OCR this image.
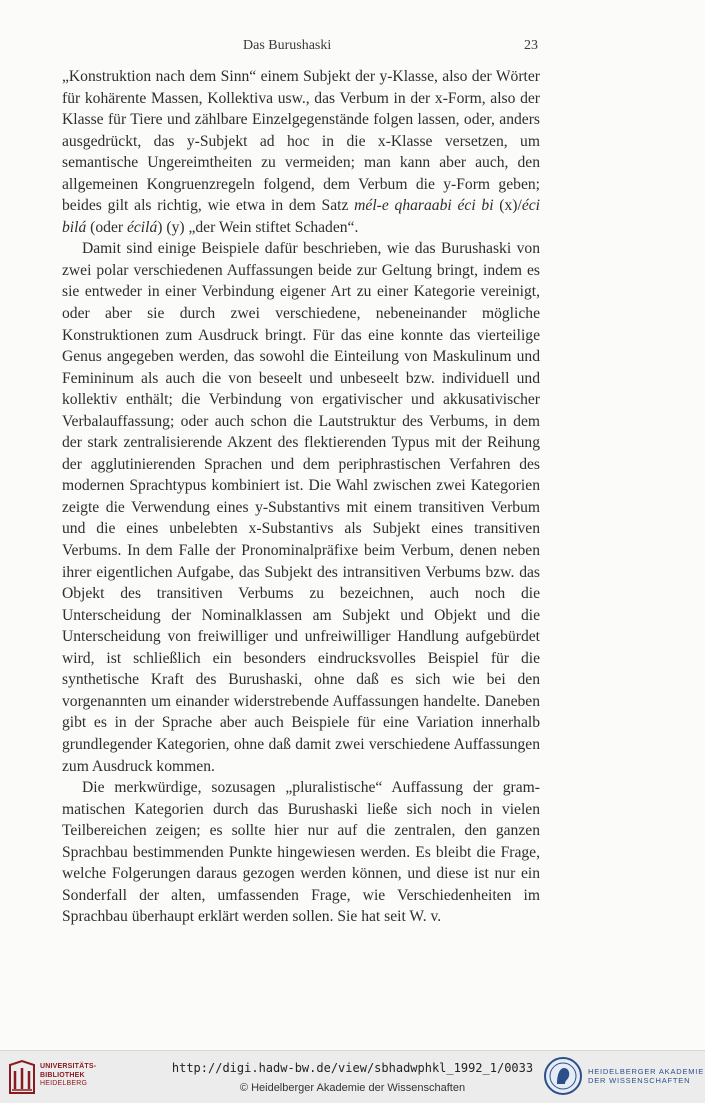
Das Burushaski	23

„Konstruktion nach dem Sinn“ einem Subjekt der y-Klasse, also der Wörter für kohärente Massen, Kollektiva usw., das Verbum in der x-Form, also der Klasse für Tiere und zählbare Einzelgegenstände folgen lassen, oder, anders ausgedrückt, das y-Subjekt ad hoc in die x-Klasse versetzen, um semantische Ungereimtheiten zu vermeiden; man kann aber auch, den allgemeinen Kongruenzregeln folgend, dem Verbum die y-Form geben; beides gilt als richtig, wie etwa in dem Satz mél-e qharaabi éci bi (x)/éci bilá (oder écilá) (y) „der Wein stiftet Schaden“.

Damit sind einige Beispiele dafür beschrieben, wie das Burushaski von zwei polar verschiedenen Auffassungen beide zur Geltung bringt, indem es sie entweder in einer Verbindung eigener Art zu einer Kategorie vereinigt, oder aber sie durch zwei verschiedene, nebeneinander mögliche Konstruktionen zum Ausdruck bringt. Für das eine konnte das vierteilige Genus angegeben werden, das sowohl die Einteilung von Maskulinum und Femininum als auch die von beseelt und unbeseelt bzw. individuell und kollektiv enthält; die Verbindung von ergativischer und akkusativischer Verbalauffassung; oder auch schon die Lautstruktur des Verbums, in dem der stark zentralisierende Akzent des flektierenden Typus mit der Reihung der agglutinierenden Sprachen und dem periphrastischen Verfahren des modernen Sprachtypus kombiniert ist. Die Wahl zwischen zwei Kategorien zeigte die Verwendung eines y-Substantivs mit einem transitiven Verbum und die eines unbelebten x-Substantivs als Subjekt eines transitiven Verbums. In dem Falle der Pronominalpräfixe beim Verbum, denen neben ihrer eigentlichen Aufgabe, das Subjekt des intransitiven Verbums bzw. das Objekt des transitiven Verbums zu bezeichnen, auch noch die Unterscheidung der Nominalklassen am Subjekt und Objekt und die Unterscheidung von freiwilliger und unfreiwilliger Handlung aufgebürdet wird, ist schließlich ein besonders eindrucksvolles Beispiel für die synthetische Kraft des Burushaski, ohne daß es sich wie bei den vorgenannten um einander widerstrebende Auffassungen handelte. Daneben gibt es in der Sprache aber auch Beispiele für eine Variation innerhalb grundlegender Kategorien, ohne daß damit zwei verschiedene Auffassungen zum Ausdruck kommen.

Die merkwürdige, sozusagen „pluralistische“ Auffassung der grammatischen Kategorien durch das Burushaski ließe sich noch in vielen Teilbereichen zeigen; es sollte hier nur auf die zentralen, den ganzen Sprachbau bestimmenden Punkte hingewiesen werden. Es bleibt die Frage, welche Folgerungen daraus gezogen werden können, und diese ist nur ein Sonderfall der alten, umfassenden Frage, wie Verschiedenheiten im Sprachbau überhaupt erklärt werden sollen. Sie hat seit W. v.

UNIVERSITÄTS-
BIBLIOTHEK
HEIDELBERG
http://digi.hadw-bw.de/view/sbhadwphkl_1992_1/0033
© Heidelberger Akademie der Wissenschaften
HEIDELBERGER AKADEMIE
DER WISSENSCHAFTEN
